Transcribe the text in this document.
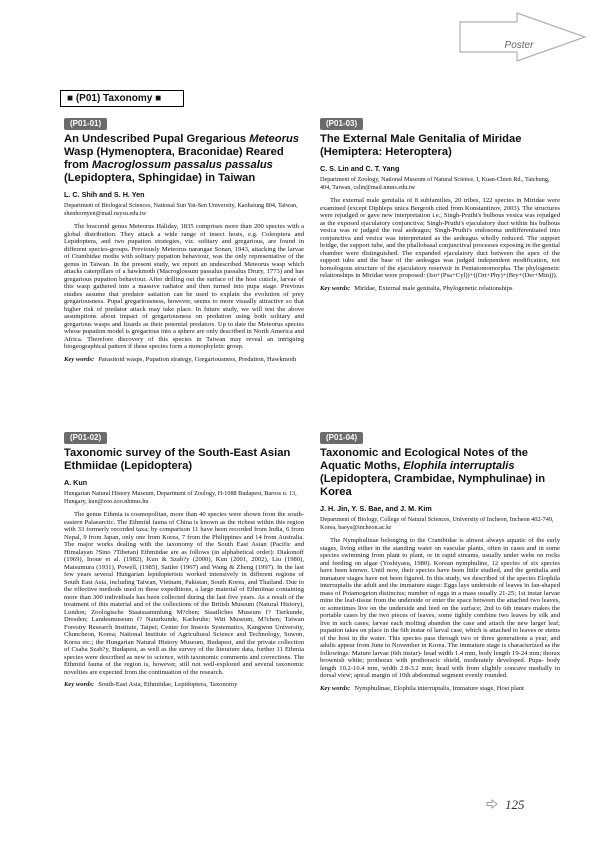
Poster
■ (P01) Taxonomy ■
(P01-01)
An Undescribed Pupal Gregarious Meteorus Wasp (Hymenoptera, Braconidae) Reared from Macroglossum passalus passalus (Lepidoptera, Sphingidae) in Taiwan
L. C. Shih and S. H. Yen
Department of Biological Sciences, National Sun Yat-Sen University, Kaohsiung 804, Taiwan, shenhornyen@mail.nsysu.edu.tw
The braconid genus Meteorus Haliday, 1835 comprises more than 200 species with a global distribution. They attack a wide range of insect hosts, e.g. Coleoptera and Lepidoptera, and two pupation strategies, viz. solitary and gregarious, are found in different species-groups. Previously Meteorus narangae Sonan, 1943, attacking the larvae of Crambidae moths with solitary pupation behaviour, was the only representative of the genus in Taiwan. In the present study, we report an undescribed Meteorus wasp which attacks caterpillars of a hawkmoth (Macroglossum passalus passalus Drury, 1773) and has gregarious pupation behaviour. After drilling out the surface of the host cuticle, larvae of this wasp gathered into a massive radiator and then turned into pupa stage. Previous studies assume that predator satiation can be used to explain the evolution of prey gregariousness. Pupal gregariousness, however, seems to more visually attractive so that higher risk of predator attack may take place. In future study, we will test the above assumptions about impact of gregariousness on predation using both solitary and gregarious wasps and lizards as their potential predators. Up to date the Meteorus species whose pupation model is gregarious into a sphere are only described in North America and Africa. Therefore discovery of this species in Taiwan may reveal an intriguing biogeographical pattern if these species form a monophyletic group.
Key words: Parasitoid wasps, Pupation strategy, Gregariousness, Predation, Hawkmoth
(P01-02)
Taxonomic survey of the South-East Asian Ethmiidae (Lepidoptera)
A. Kun
Hungarian Natural History Museum, Department of Zoology, H-1088 Budapest, Baross u. 13, Hungary, kun@zoo.zoo.nhmus.hu
The genus Ethmia is cosmopolitan, more than 40 species were shown from the south-eastern Palaearctic. The Ethmiid fauna of China is known as the richest within this region with 33 formerly recorded taxa; by comparison 11 have been recorded from India, 6 from Nepal, 9 from Japan, only one from Korea, 7 from the Philippines and 14 from Australia. The major works dealing with the taxonomy of the South East Asian (Pacific and Himalayan ?Sino ?Tibetan) Ethmiidae are as follows (in alphabetical order): Diakonoff (1969), Inoue et al. (1982), Kun & Szab?y (2000), Kun (2001, 2002), Liu (1980), Matsumura (1931), Powell, (1985), Sattler (1967) and Wang & Zheng (1997). In the last few years several Hungarian lepidopterists worked intensively in different regions of South East Asia, including Taiwan, Vietnam, Pakistan, South Korea, and Thailand. Due to the effective methods used in these expeditions, a large material of Ethmiinae containing more than 300 individuals has been collected during the last five years. As a result of the treatment of this material and of the collections of the British Museum (Natural History), London; Zoologische Staatssammlung M?chen; Staatliches Museum f? Tierkunde, Dresden; Landesmuseum f? Naturkunde, Karlsruhe; Witt Museum, M?chen; Taiwan Forestry Research Institute, Taipei; Center for Insects Systematics, Kangwon University, Chuncheon, Korea; National Institute of Agricultural Science and Technology, Suwon, Korea etc.; the Hungarian Natural History Museum, Budapest, and the private collection of Csaba Szab?y, Budapest, as well as the survey of the literature data, further 11 Ethmia species were described as new to science, with taxonomic comments and corrections. The Ethmiid fauna of the region is, however, still not well-explored and several taxonomic novelties are expected from the continuation of the research.
Key words: South-East Asia, Ethmiidae, Lepidoptera, Taxonomy
(P01-03)
The External Male Genitalia of Miridae (Hemiptera: Heteroptera)
C. S. Lin and C. T. Yang
Department of Zoology, National Museum of Natural Science, I, Kuan-Chien Rd., Taichung, 404, Taiwan, cslin@mail.nmns.edu.tw
The external male genitalia of 8 subfamilies, 20 tribes, 122 species in Miridae were examined (except Diphleps unica Bergroth cited from Konstantinov, 2003). The structures were rejudged or gave new interpretation i.e., Singh-Pruthi's bulbous vesica was rejudged as the exposed ejaculatory conjunctiva; Singh-Pruthi's ejaculatory duct within his bulbous vesica was re judged the real aedeagus; Singh-Pruthi's endosoma undifferentiated into conjunctiva and vesica was interpretated as the aedeagus wholly reduced. The support bridge, the support tube, and the phallobasal conjunctival processes exposing in the genital chamber were distinguished. The expanded ejaculatory duct between the apex of the support tube and the base of the aedeagus was judged independent modification, not homologous structure of the ejaculatory reservoir in Pentatomomorpha. The phylogenetic relationships in Miridae were proposed: (Iso+(Psa+Cyl))+((Ort+Phy)+(Bry+(Der+Min))).
Key words: Miridae, External male genitalia, Phylogenetic relationships
(P01-04)
Taxonomic and Ecological Notes of the Aquatic Moths, Elophila interruptalis (Lepidoptera, Crambidae, Nymphulinae) in Korea
J. H. Jin, Y. S. Bae, and J. M. Kim
Department of Biology, College of Natural Sciences, University of Incheon, Incheon 402-749, Korea, baeys@incheon.ac.kr
The Nymphulinae belonging to the Crambidae is almost always aquatic of the early stages, living either in the standing water on vascular plants, often in cases and in some species swimming from plant to plant, or in rapid streams, usually under webs on rocks and feeding on algae (Yoshiyasu, 1980). Korean nymphuline, 12 species of six species have been known. Until now, their species have been little studied, and the genitalia and immature stages have not been figured. In this study, we described of the species Elophila interruptalis the adult and the immature stage: Eggs lays underside of leaves in fan-shaped mass of Potamogeton distinctus; number of eggs in a mass usually 21-25; 1st instar larvae mine the leaf-tissue from the underside or enter the space between the attached two leaves, or sometimes live on the underside and feed on the surface; 2nd to 6th instars makes the portable cases by the two pieces of leaves, some tightly combine two leaves by silk and live in such cases; larvae each molting abandon the case and attach the new larger leaf; pupation takes on place in the 6th instar of larval case, which is attached to leaves or stems of the host in the water. This species pass through two or three generations a year, and adults appear from June to November in Korea. The immature stage is characterized as the followings: Mature larvae (6th instar)- head width 1.4 mm, body length 19-24 mm; thorax brownish white; prothorax with prothoracic shield, moderately developed. Pupa- body length 10.2-10.4 mm, width 2.8-3.2 mm; head with from slightly concave medially in dorsal view; apical margin of 10th abdominal segment evenly rounded.
Key words: Nymphulinae, Elophila interruptalis, Immature stage, Host plant
125
